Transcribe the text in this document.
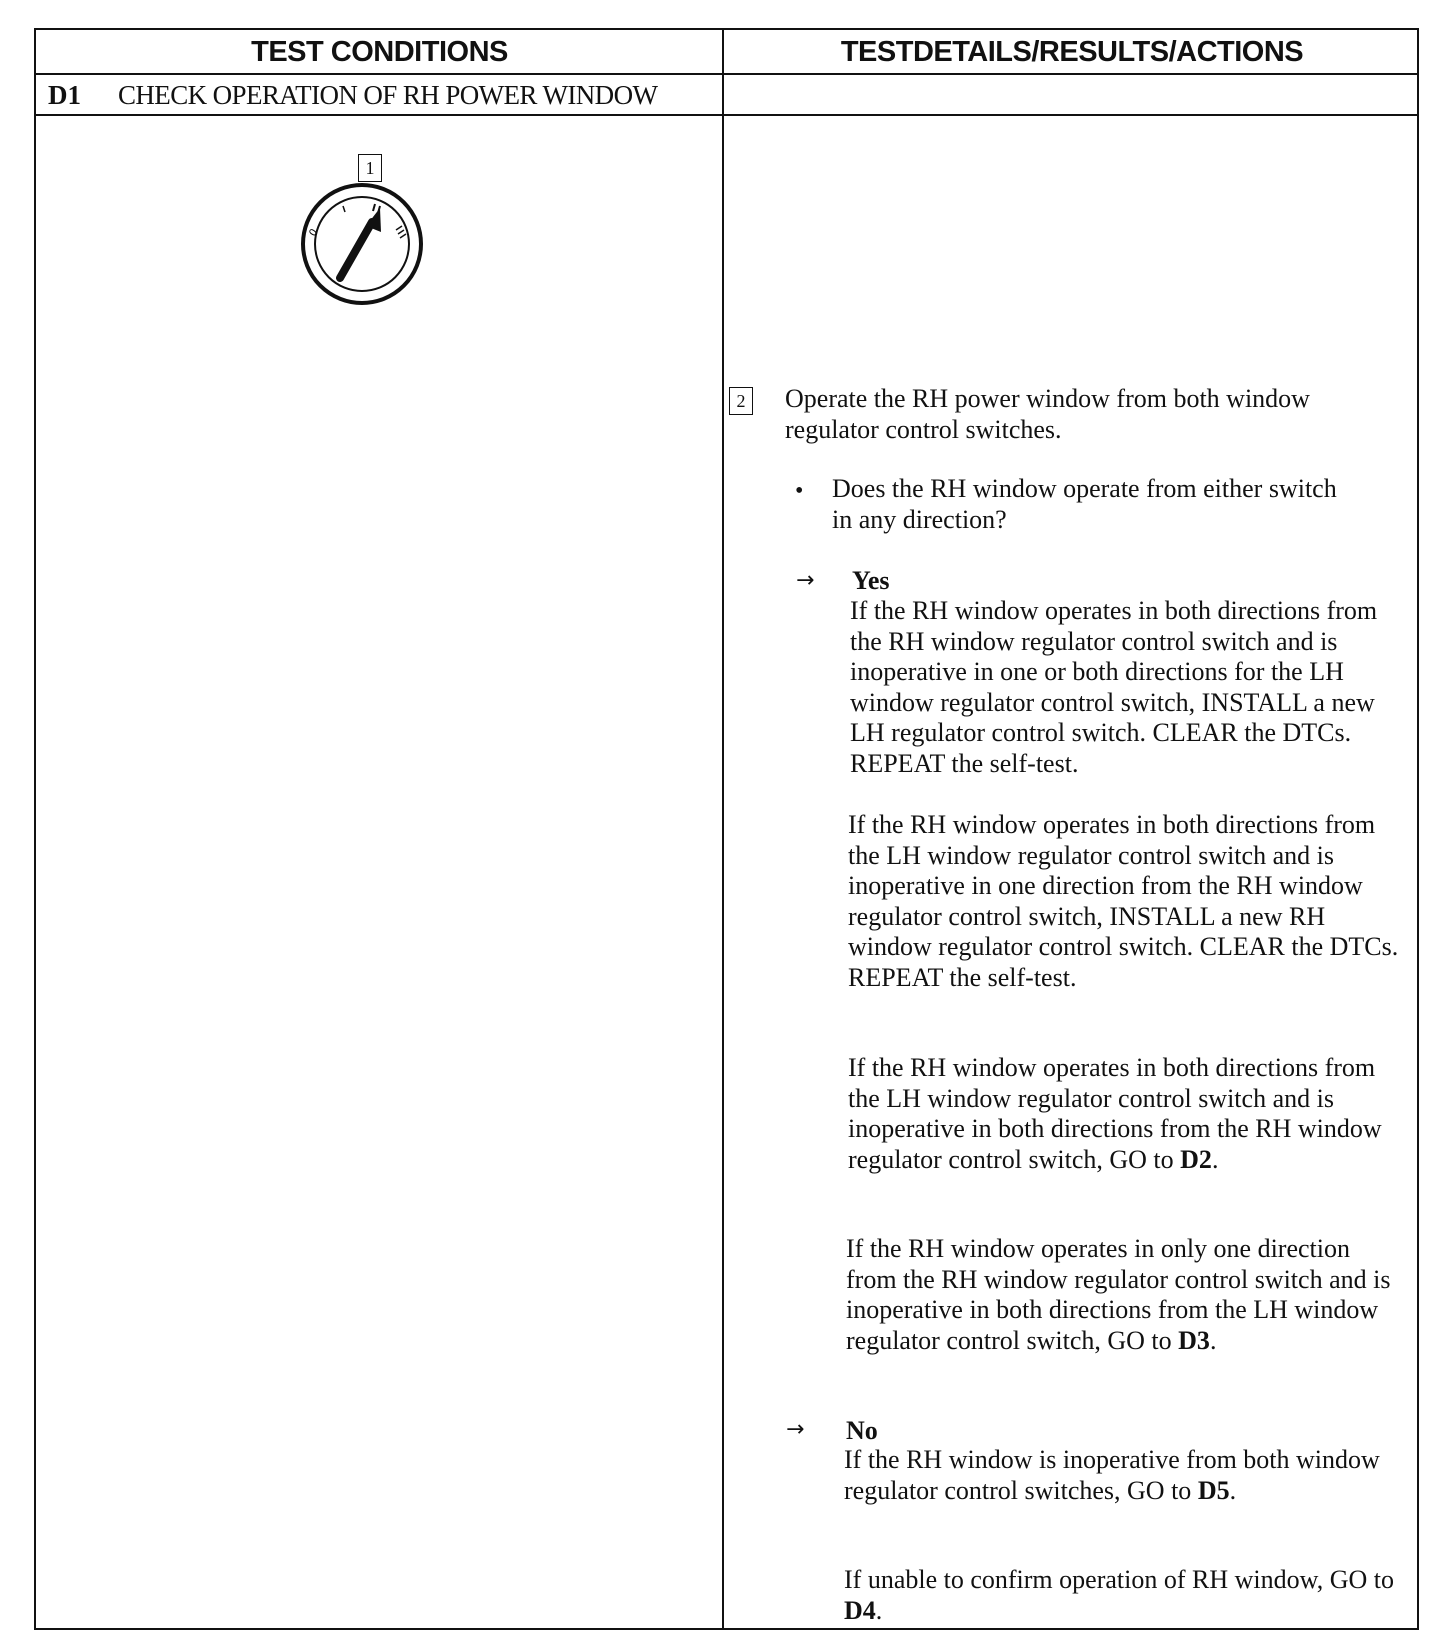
TEST CONDITIONS	TESTDETAILS/RESULTS/ACTIONS
D1	CHECK OPERATION OF RH POWER WINDOW
1
0
2 Operate the RH power window from both window regulator control switches.

• Does the RH window operate from either switch in any direction?

→ Yes

If the RH window operates in both directions from the RH window regulator control switch and is inoperative in one or both directions for the LH window regulator control switch, INSTALL a new LH regulator control switch. CLEAR the DTCs. REPEAT the self-test.

If the RH window operates in both directions from the LH window regulator control switch and is inoperative in one direction from the RH window regulator control switch, INSTALL a new RH window regulator control switch. CLEAR the DTCs. REPEAT the self-test.

If the RH window operates in both directions from the LH window regulator control switch and is inoperative in both directions from the RH window regulator control switch, GO to D2.

If the RH window operates in only one direction from the RH window regulator control switch and is inoperative in both directions from the LH window regulator control switch, GO to D3.

→ No

If the RH window is inoperative from both window regulator control switches, GO to D5.

If unable to confirm operation of RH window, GO to D4.
